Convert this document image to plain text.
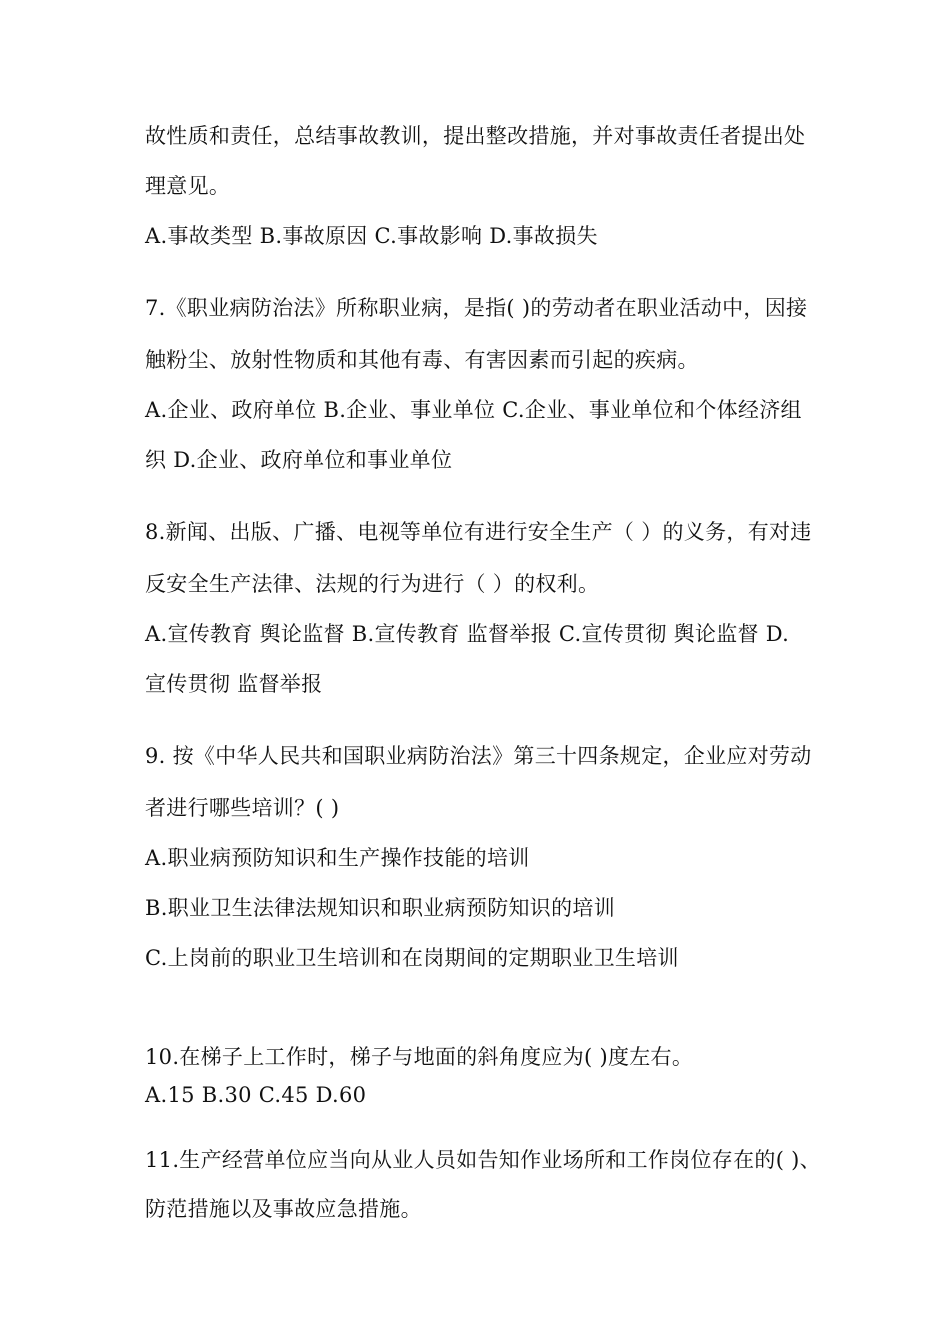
故性质和责任，总结事故教训，提出整改措施，并对事故责任者提出处
理意见。
A.事故类型 B.事故原因 C.事故影响 D.事故损失
7.《职业病防治法》所称职业病，是指( )的劳动者在职业活动中，因接
触粉尘、放射性物质和其他有毒、有害因素而引起的疾病。
A.企业、政府单位 B.企业、事业单位 C.企业、事业单位和个体经济组
织 D.企业、政府单位和事业单位
8.新闻、出版、广播、电视等单位有进行安全生产（ ）的义务，有对违
反安全生产法律、法规的行为进行（ ）的权利。
A.宣传教育 舆论监督 B.宣传教育 监督举报 C.宣传贯彻 舆论监督 D.
宣传贯彻 监督举报
9. 按《中华人民共和国职业病防治法》第三十四条规定，企业应对劳动
者进行哪些培训？( )
A.职业病预防知识和生产操作技能的培训
B.职业卫生法律法规知识和职业病预防知识的培训
C.上岗前的职业卫生培训和在岗期间的定期职业卫生培训
10.在梯子上工作时，梯子与地面的斜角度应为( )度左右。
A.15 B.30 C.45 D.60
11.生产经营单位应当向从业人员如告知作业场所和工作岗位存在的( )、
防范措施以及事故应急措施。
